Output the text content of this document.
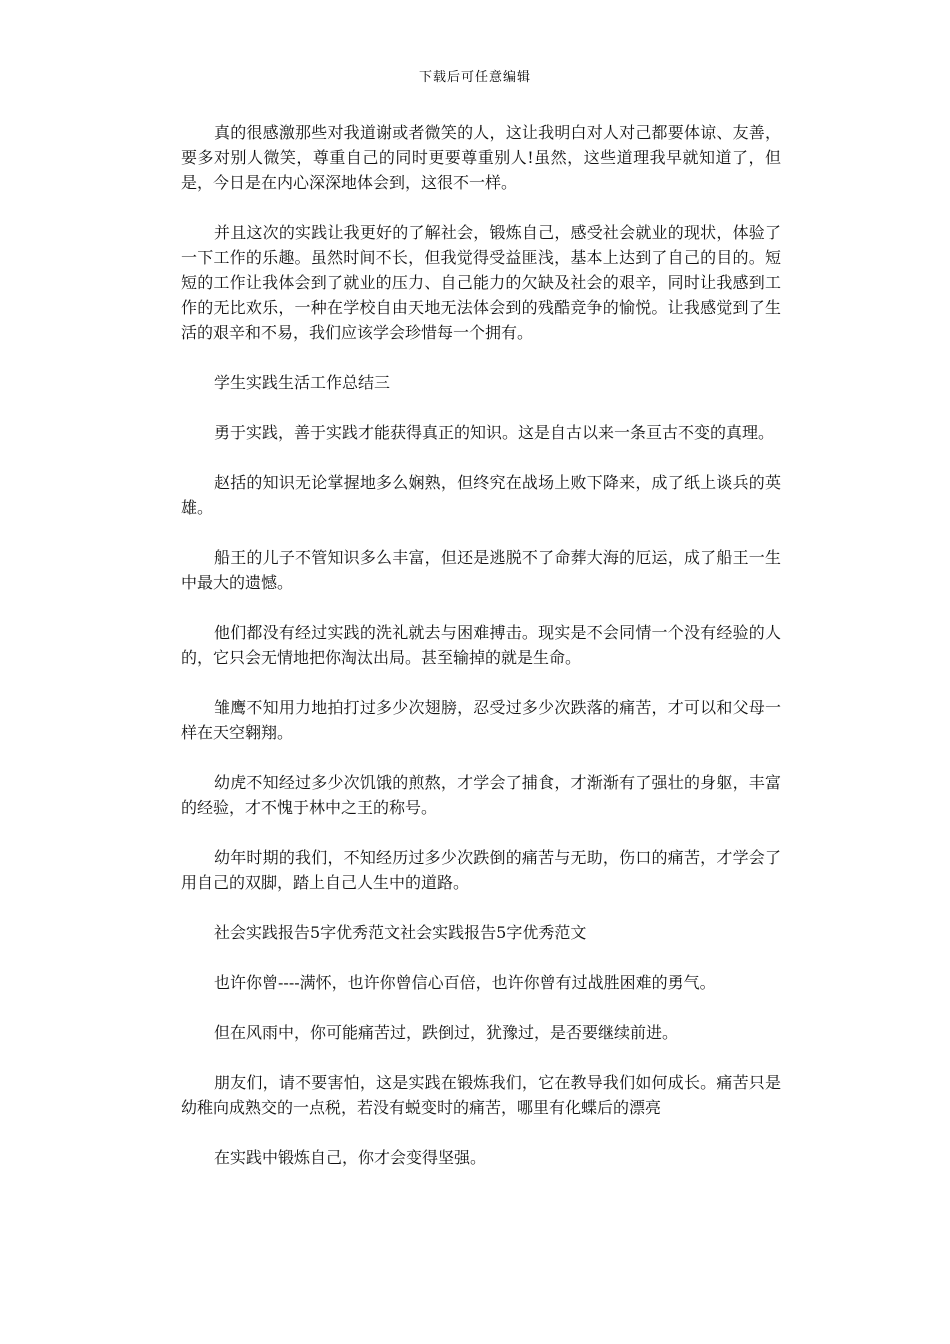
下载后可任意编辑

真的很感激那些对我道谢或者微笑的人，这让我明白对人对己都要体谅、友善，要多对别人微笑，尊重自己的同时更要尊重别人!虽然，这些道理我早就知道了，但是，今日是在内心深深地体会到，这很不一样。

并且这次的实践让我更好的了解社会，锻炼自己，感受社会就业的现状，体验了一下工作的乐趣。虽然时间不长，但我觉得受益匪浅，基本上达到了自己的目的。短短的工作让我体会到了就业的压力、自己能力的欠缺及社会的艰辛，同时让我感到工作的无比欢乐，一种在学校自由天地无法体会到的残酷竞争的愉悦。让我感觉到了生活的艰辛和不易，我们应该学会珍惜每一个拥有。

学生实践生活工作总结三

勇于实践，善于实践才能获得真正的知识。这是自古以来一条亘古不变的真理。

赵括的知识无论掌握地多么娴熟，但终究在战场上败下降来，成了纸上谈兵的英雄。

船王的儿子不管知识多么丰富，但还是逃脱不了命葬大海的厄运，成了船王一生中最大的遗憾。

他们都没有经过实践的洗礼就去与困难搏击。现实是不会同情一个没有经验的人的，它只会无情地把你淘汰出局。甚至输掉的就是生命。

雏鹰不知用力地拍打过多少次翅膀，忍受过多少次跌落的痛苦，才可以和父母一样在天空翱翔。

幼虎不知经过多少次饥饿的煎熬，才学会了捕食，才渐渐有了强壮的身躯，丰富的经验，才不愧于林中之王的称号。

幼年时期的我们，不知经历过多少次跌倒的痛苦与无助，伤口的痛苦，才学会了用自己的双脚，踏上自己人生中的道路。

社会实践报告5字优秀范文社会实践报告5字优秀范文

也许你曾----满怀，也许你曾信心百倍，也许你曾有过战胜困难的勇气。

但在风雨中，你可能痛苦过，跌倒过，犹豫过，是否要继续前进。

朋友们，请不要害怕，这是实践在锻炼我们，它在教导我们如何成长。痛苦只是幼稚向成熟交的一点税，若没有蜕变时的痛苦，哪里有化蝶后的漂亮

在实践中锻炼自己，你才会变得坚强。
